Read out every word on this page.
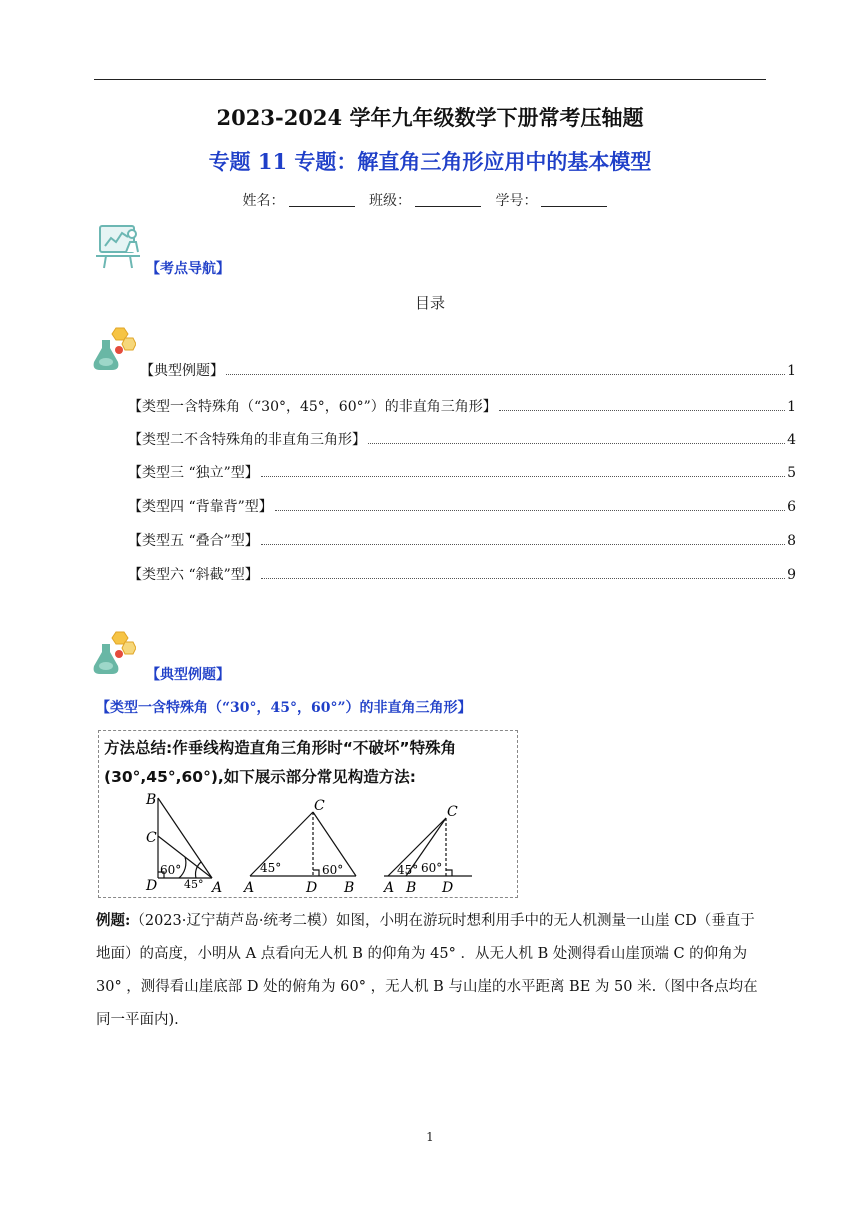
2023-2024 学年九年级数学下册常考压轴题
专题 11 专题：解直角三角形应用中的基本模型
姓名：	班级：	学号：
【考点导航】
目录
【典型例题】	1
【类型一含特殊角（“30°，45°，60°”）的非直角三角形】	1
【类型二不含特殊角的非直角三角形】	4
【类型三 “独立”型】	5
【类型四 “背靠背”型】	6
【类型五 “叠合”型】	8
【类型六 “斜截”型】	9
【典型例题】
【类型一含特殊角（“30°，45°，60°”）的非直角三角形】
方法总结:作垂线构造直角三角形时“不破坏”特殊角
(30°,45°,60°),如下展示部分常见构造方法:
B
C
D	A
60°
45°
C
A	D B
45°	60°
C
A B D
45° 60°
例题:（2023·辽宁葫芦岛·统考二模）如图，小明在游玩时想利用手中的无人机测量一山崖 CD（垂直于地面）的高度，小明从 A 点看向无人机 B 的仰角为 45° ．从无人机 B 处测得看山崖顶端 C 的仰角为 30° ，测得看山崖底部 D 处的俯角为 60° ，无人机 B 与山崖的水平距离 BE 为 50 米.（图中各点均在同一平面内).
1
